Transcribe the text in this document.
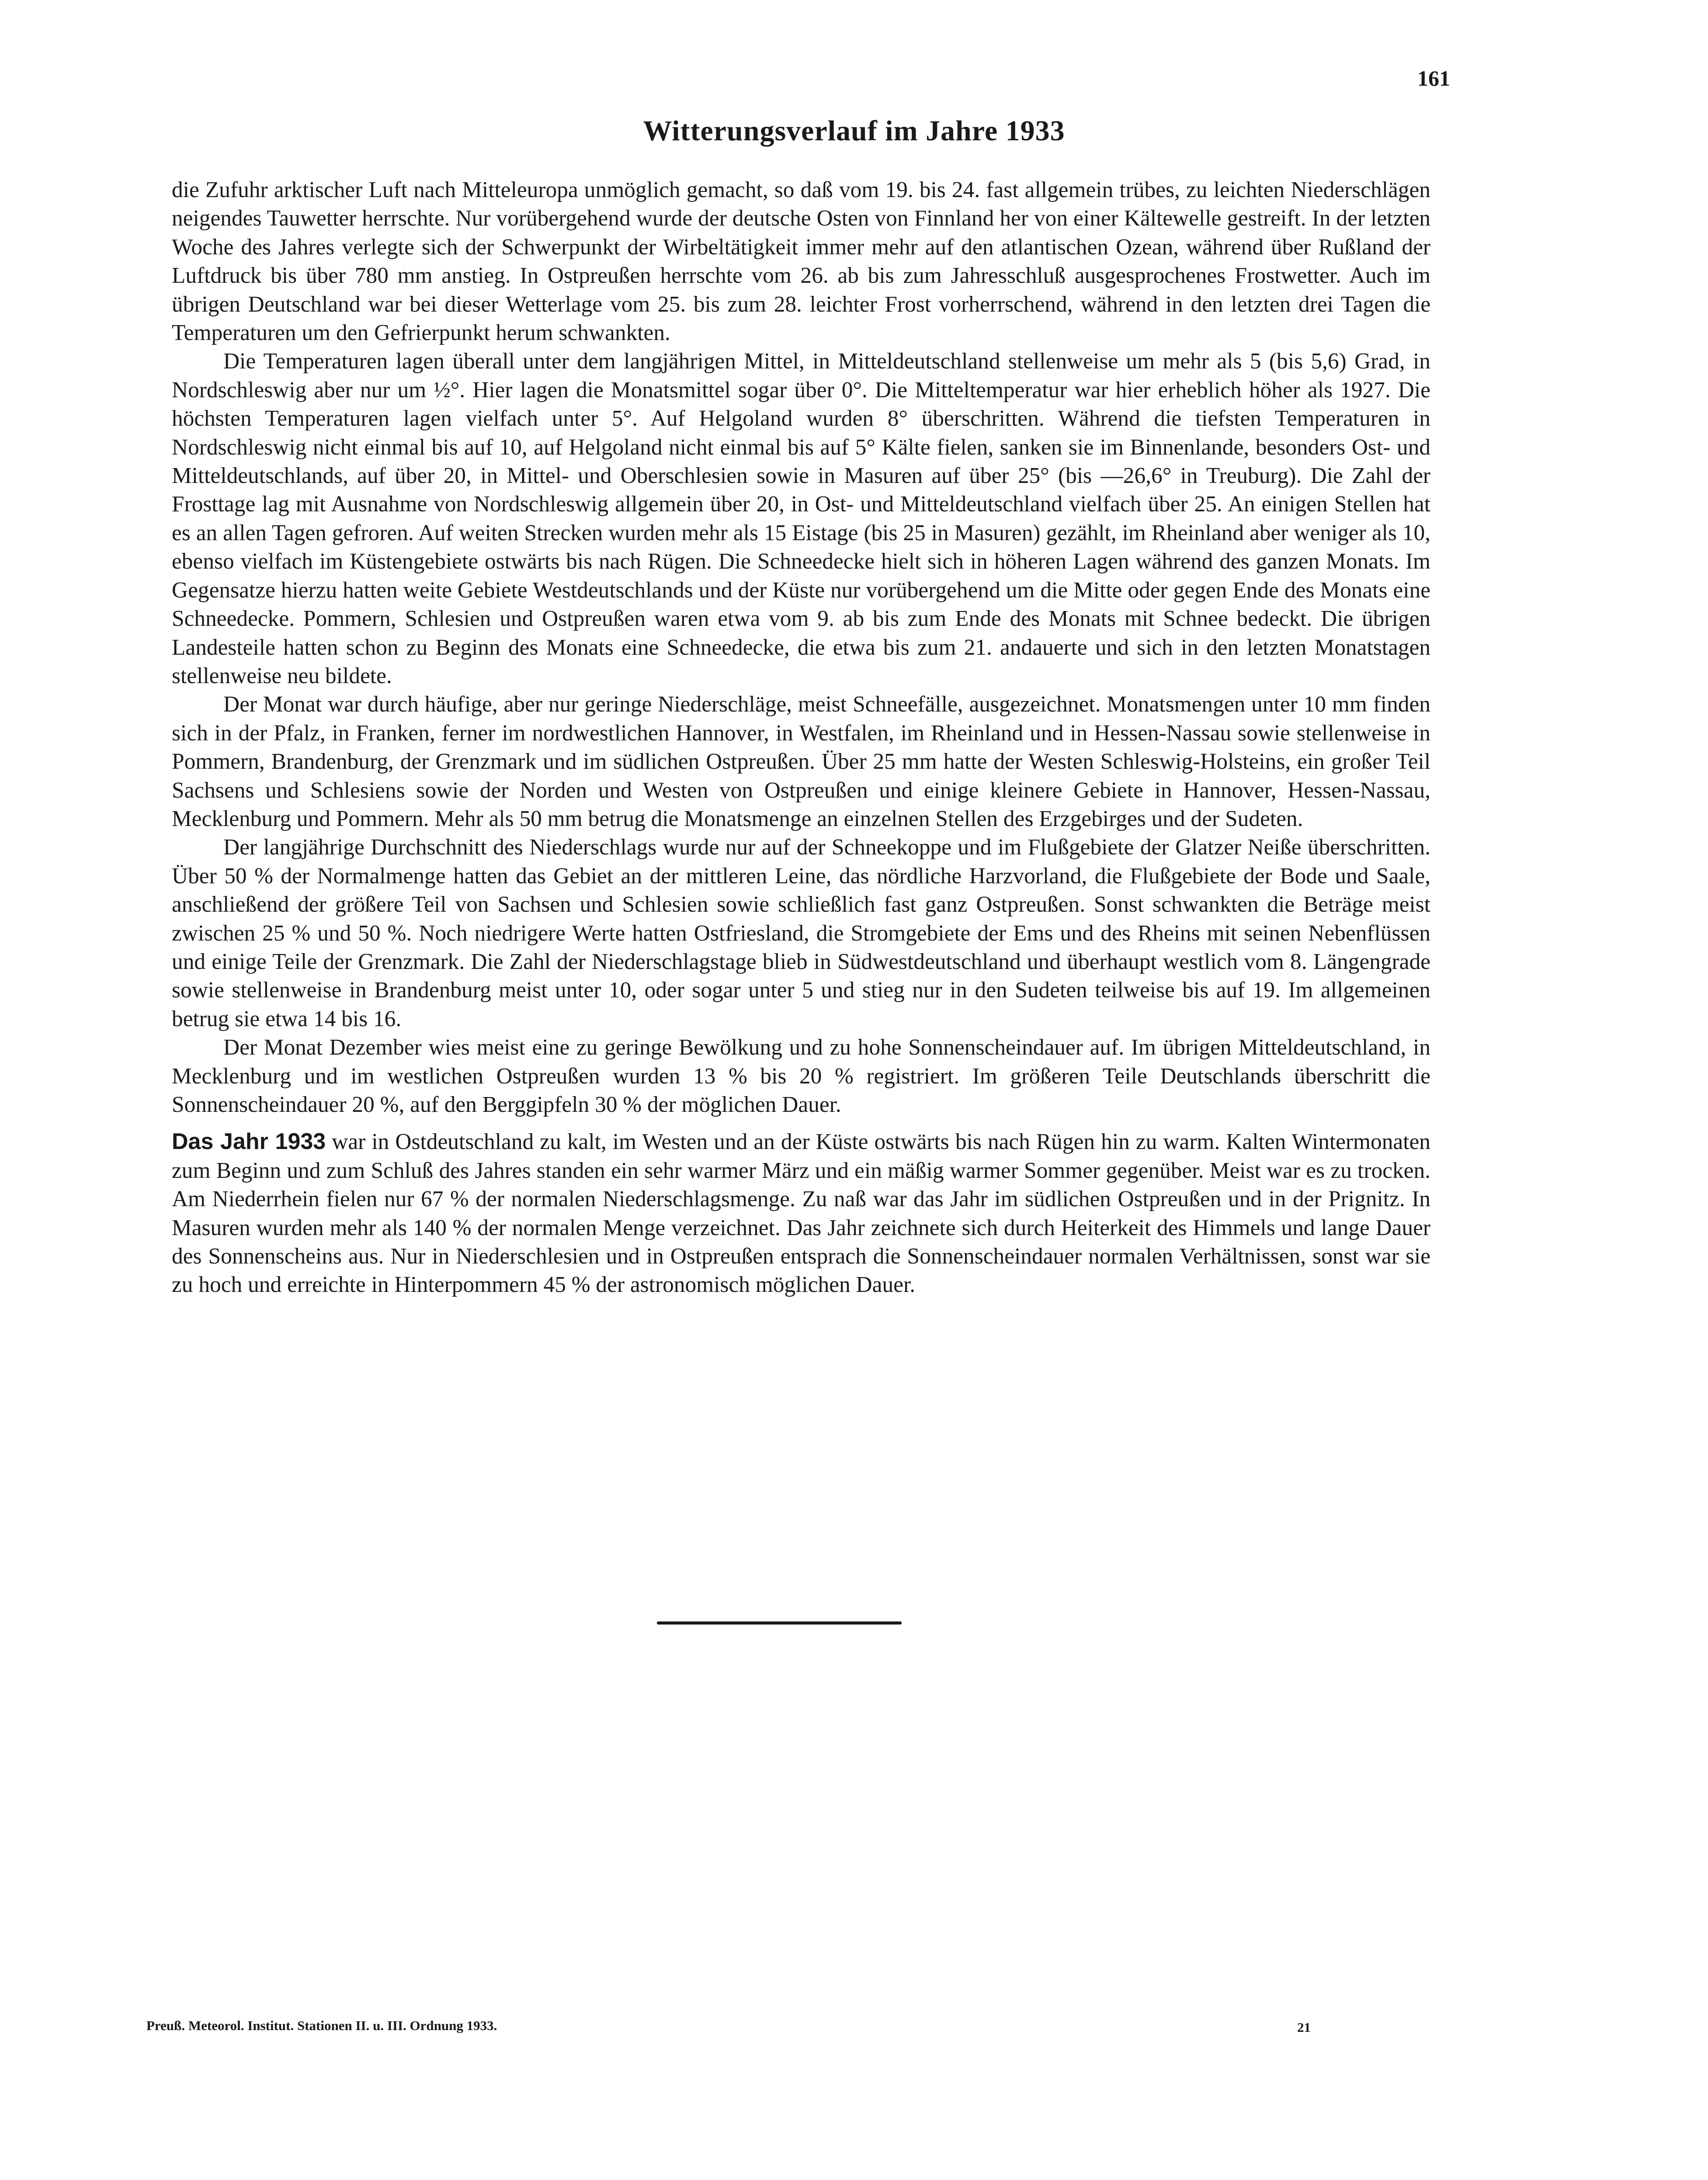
161
Witterungsverlauf im Jahre 1933

die Zufuhr arktischer Luft nach Mitteleuropa unmöglich gemacht, so daß vom 19. bis 24. fast allgemein trübes, zu leichten Niederschlägen neigendes Tauwetter herrschte. Nur vorübergehend wurde der deutsche Osten von Finnland her von einer Kältewelle gestreift. In der letzten Woche des Jahres verlegte sich der Schwerpunkt der Wirbeltätigkeit immer mehr auf den atlantischen Ozean, während über Rußland der Luftdruck bis über 780 mm anstieg. In Ostpreußen herrschte vom 26. ab bis zum Jahresschluß ausgesprochenes Frostwetter. Auch im übrigen Deutschland war bei dieser Wetterlage vom 25. bis zum 28. leichter Frost vorherrschend, während in den letzten drei Tagen die Temperaturen um den Gefrierpunkt herum schwankten.

Die Temperaturen lagen überall unter dem langjährigen Mittel, in Mitteldeutschland stellenweise um mehr als 5 (bis 5,6) Grad, in Nordschleswig aber nur um ½°. Hier lagen die Monatsmittel sogar über 0°. Die Mitteltemperatur war hier erheblich höher als 1927. Die höchsten Temperaturen lagen vielfach unter 5°. Auf Helgoland wurden 8° überschritten. Während die tiefsten Temperaturen in Nordschleswig nicht einmal bis auf 10, auf Helgoland nicht einmal bis auf 5° Kälte fielen, sanken sie im Binnenlande, besonders Ost- und Mitteldeutschlands, auf über 20, in Mittel- und Oberschlesien sowie in Masuren auf über 25° (bis —26,6° in Treuburg). Die Zahl der Frosttage lag mit Ausnahme von Nordschleswig allgemein über 20, in Ost- und Mitteldeutschland vielfach über 25. An einigen Stellen hat es an allen Tagen gefroren. Auf weiten Strecken wurden mehr als 15 Eistage (bis 25 in Masuren) gezählt, im Rheinland aber weniger als 10, ebenso vielfach im Küstengebiete ostwärts bis nach Rügen. Die Schneedecke hielt sich in höheren Lagen während des ganzen Monats. Im Gegensatze hierzu hatten weite Gebiete Westdeutschlands und der Küste nur vorübergehend um die Mitte oder gegen Ende des Monats eine Schneedecke. Pommern, Schlesien und Ostpreußen waren etwa vom 9. ab bis zum Ende des Monats mit Schnee bedeckt. Die übrigen Landesteile hatten schon zu Beginn des Monats eine Schneedecke, die etwa bis zum 21. andauerte und sich in den letzten Monatstagen stellenweise neu bildete.

Der Monat war durch häufige, aber nur geringe Niederschläge, meist Schneefälle, ausgezeichnet. Monatsmengen unter 10 mm finden sich in der Pfalz, in Franken, ferner im nordwestlichen Hannover, in Westfalen, im Rheinland und in Hessen-Nassau sowie stellenweise in Pommern, Brandenburg, der Grenzmark und im südlichen Ostpreußen. Über 25 mm hatte der Westen Schleswig-Holsteins, ein großer Teil Sachsens und Schlesiens sowie der Norden und Westen von Ostpreußen und einige kleinere Gebiete in Hannover, Hessen-Nassau, Mecklenburg und Pommern. Mehr als 50 mm betrug die Monatsmenge an einzelnen Stellen des Erzgebirges und der Sudeten.

Der langjährige Durchschnitt des Niederschlags wurde nur auf der Schneekoppe und im Flußgebiete der Glatzer Neiße überschritten. Über 50 % der Normalmenge hatten das Gebiet an der mittleren Leine, das nördliche Harzvorland, die Flußgebiete der Bode und Saale, anschließend der größere Teil von Sachsen und Schlesien sowie schließlich fast ganz Ostpreußen. Sonst schwankten die Beträge meist zwischen 25 % und 50 %. Noch niedrigere Werte hatten Ostfriesland, die Stromgebiete der Ems und des Rheins mit seinen Nebenflüssen und einige Teile der Grenzmark. Die Zahl der Niederschlagstage blieb in Südwestdeutschland und überhaupt westlich vom 8. Längengrade sowie stellenweise in Brandenburg meist unter 10, oder sogar unter 5 und stieg nur in den Sudeten teilweise bis auf 19. Im allgemeinen betrug sie etwa 14 bis 16.

Der Monat Dezember wies meist eine zu geringe Bewölkung und zu hohe Sonnenscheindauer auf. Im übrigen Mitteldeutschland, in Mecklenburg und im westlichen Ostpreußen wurden 13 % bis 20 % registriert. Im größeren Teile Deutschlands überschritt die Sonnenscheindauer 20 %, auf den Berggipfeln 30 % der möglichen Dauer.

Das Jahr 1933 war in Ostdeutschland zu kalt, im Westen und an der Küste ostwärts bis nach Rügen hin zu warm. Kalten Wintermonaten zum Beginn und zum Schluß des Jahres standen ein sehr warmer März und ein mäßig warmer Sommer gegenüber. Meist war es zu trocken. Am Niederrhein fielen nur 67 % der normalen Niederschlagsmenge. Zu naß war das Jahr im südlichen Ostpreußen und in der Prignitz. In Masuren wurden mehr als 140 % der normalen Menge verzeichnet. Das Jahr zeichnete sich durch Heiterkeit des Himmels und lange Dauer des Sonnenscheins aus. Nur in Niederschlesien und in Ostpreußen entsprach die Sonnenscheindauer normalen Verhältnissen, sonst war sie zu hoch und erreichte in Hinterpommern 45 % der astronomisch möglichen Dauer.

Preuß. Meteorol. Institut. Stationen II. u. III. Ordnung 1933.	21
